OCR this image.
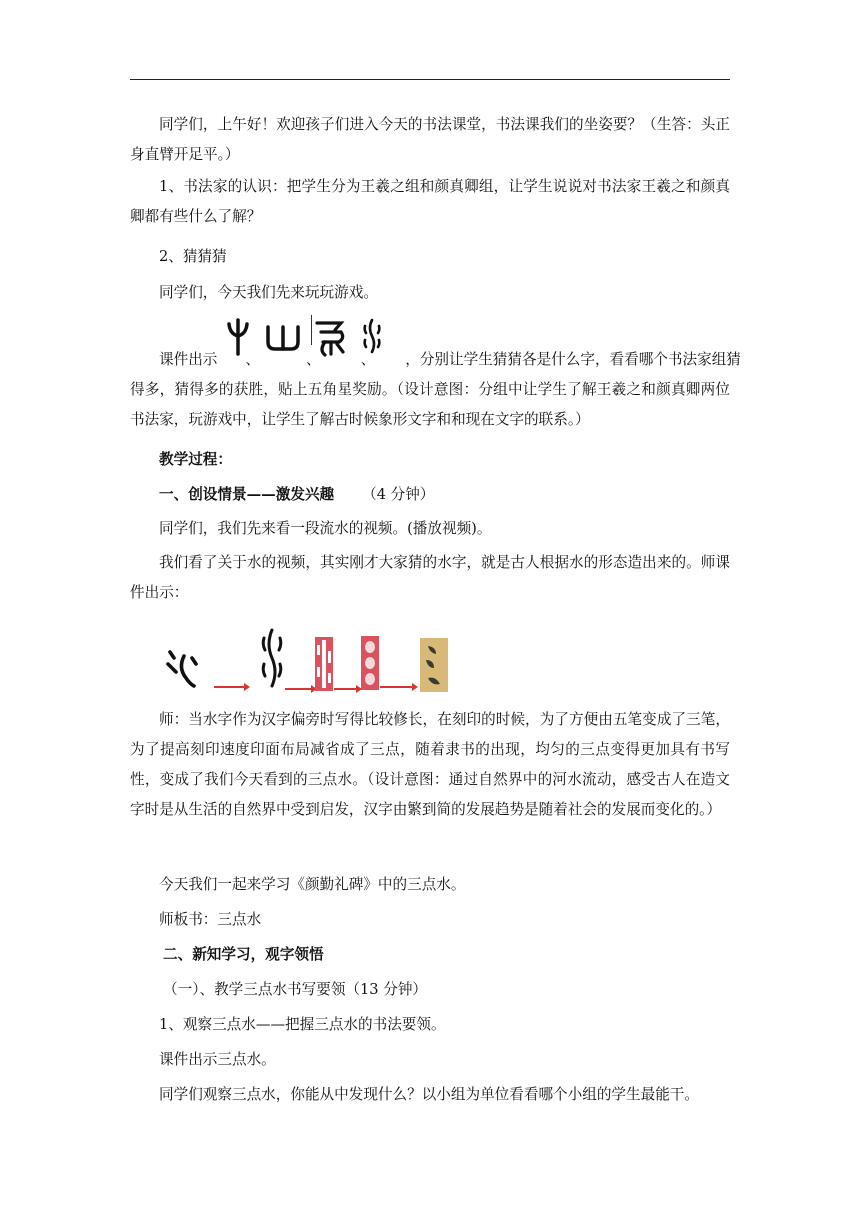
同学们，上午好！欢迎孩子们进入今天的书法课堂，书法课我们的坐姿要？（生答：头正身直臂开足平。）
1、书法家的认识：把学生分为王羲之组和颜真卿组，让学生说说对书法家王羲之和颜真卿都有些什么了解？
2、猜猜猜
同学们，今天我们先来玩玩游戏。
课件出示 、	、	、 ，分别让学生猜猜各是什么字，看看哪个书法家组猜
得多，猜得多的获胜，贴上五角星奖励。（设计意图：分组中让学生了解王羲之和颜真卿两位书法家，玩游戏中，让学生了解古时候象形文字和和现在文字的联系。）
教学过程：
一、创设情景——激发兴趣 （4 分钟）
同学们，我们先来看一段流水的视频。(播放视频)。
我们看了关于水的视频，其实刚才大家猜的水字，就是古人根据水的形态造出来的。师课件出示：
师：当水字作为汉字偏旁时写得比较修长，在刻印的时候，为了方便由五笔变成了三笔，为了提高刻印速度印面布局减省成了三点，随着隶书的出现，均匀的三点变得更加具有书写性，变成了我们今天看到的三点水。（设计意图：通过自然界中的河水流动，感受古人在造文字时是从生活的自然界中受到启发，汉字由繁到简的发展趋势是随着社会的发展而变化的。）
今天我们一起来学习《颜勤礼碑》中的三点水。
师板书：三点水
二、新知学习，观字领悟
（一）、教学三点水书写要领（13 分钟）
1、观察三点水——把握三点水的书法要领。
课件出示三点水。
同学们观察三点水，你能从中发现什么？以小组为单位看看哪个小组的学生最能干。
